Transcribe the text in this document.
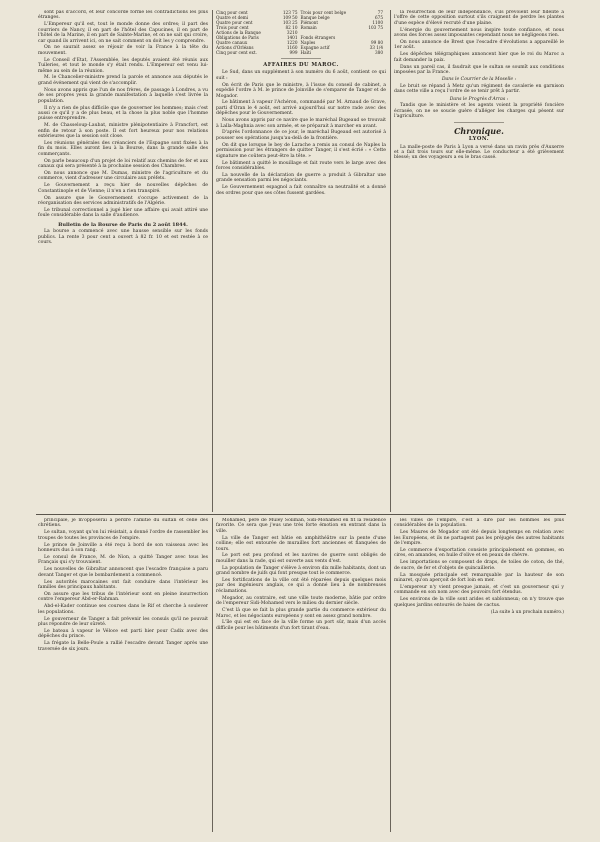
sont pas d'accord, et leur concorde forme les contradictions les plus étranges.

L'Empereur qu'il est, tout le monde donne des ordres; il part des courriers de Nancy, il en part de l'hôtel des Capucines, il en part de l'hôtel de la Marine, il en part de Sainte-Marine, et on ne sait qui croire, car quand ils arrivent ici, on ne sait comment on doit les y comprendre.

On ne saurait assez se réjouir de voir la France à la tête du mouvement.

Le Conseil d'Etat, l'Assemblée, les deputés avaient été réunis aux Tuileries, et tout le monde s'y était rendu. L'Empereur est venu lui-même au sein de la réunion.

M. le Chancelier-ministre prend la parole et annonce aux députés le grand événement qui vient de s'accomplir.

Nous avons appris que l'un de nos frères, de passage à Londres, a vu de ses propres yeux la grande manifestation à laquelle s'est livrée la population.

Il n'y a rien de plus difficile que de gouverner les hommes; mais c'est aussi ce qu'il y a de plus beau, et la chose la plus noble que l'homme puisse entreprendre.

M. de Chasseloup-Laubat, ministre plénipotentiaire à Francfort, est enfin de retour à son poste. Il est fort heureux pour nos relations extérieures que la session soit close.

Les réunions générales des créanciers de l'Espagne sont fixées à la fin du mois. Elles auront lieu à la Bourse, dans la grande salle des commerçants.

On parle beaucoup d'un projet de loi relatif aux chemins de fer et aux canaux qui sera présenté à la prochaine session des Chambres.

On nous annonce que M. Dumas, ministre de l'agriculture et du commerce, vient d'adresser une circulaire aux préfets.

Le Gouvernement a reçu hier de nouvelles dépêches de Constantinople et de Vienne; il n'en a rien transpiré.

On assure que le Gouvernement s'occupe activement de la réorganisation des services administratifs de l'Algérie.

Le tribunal correctionnel a jugé hier une affaire qui avait attiré une foule considérable dans la salle d'audience.

Bulletin de la Bourse de Paris du 2 août 1844.

La bourse a commencé avec une hausse sensible sur les fonds publics. La rente 3 pour cent a ouvert à 82 fr. 10 et est restée à ce cours.

Cinq pour cent	123 75	Trois pour cent belge	77
Quatre et demi	109 50	Banque belge	675
Quatre pour cent	103 25	Piémont	1100
Trois pour cent	82 10	Romain	103 75
Actions de la Banque	3210		
Obligations de Paris	1401	Fonds étrangers	
Quatre canaux	1220	Naples	99 80
Actions d'Orléans	1160	Espagne actif	33 1/4
Cinq pour cent ext.	999	Haïti	380
AFFAIRES DU MAROC.

Le Sud, dans un supplément à son numéro du 6 août, contient ce qui suit :

On écrit de Paris que le ministre, à l'issue du conseil de cabinet, a expédié l'ordre à M. le prince de Joinville de s'emparer de Tanger et de Mogador.

Le bâtiment à vapeur l'Achéron, commandé par M. Arnaud de Grave, parti d'Oran le 4 août, est arrivé aujourd'hui sur notre rade avec des dépêches pour le Gouvernement.

Nous avons appris par ce navire que le maréchal Bugeaud se trouvait à Lalla-Maghnia avec son armée, et se préparait à marcher en avant.

D'après l'ordonnance de ce jour, le maréchal Bugeaud est autorisé à pousser ses opérations jusqu'au-delà de la frontière.

On dit que lorsque le bey de Larache a remis au consul de Naples la permission pour les étrangers de quitter Tanger, il s'est écrié : « Cette signature me coûtera peut-être la tête. »

Le bâtiment a quitté le mouillage et fait route vers le large avec des forces considérables.

La nouvelle de la déclaration de guerre a produit à Gibraltar une grande sensation parmi les négociants.

Le Gouvernement espagnol a fait connaître sa neutralité et a donné des ordres pour que ses côtes fussent gardées.

la résurrection de leur indépendance, s'ils prévoient leur fidélité à l'offre de cette opposition surtout s'ils craignent de perdre les plantes d'une espèce d'élevé recruté d'une plaine.

L'énergie du gouvernement nous inspire toute confiance, et nous avons des forces assez imposantes cependant nous ne négligeons rien.

On nous annonce de Brest que l'escadre d'évolutions a appareillé le 1er août.

Les dépêches télégraphiques annoncent hier que le roi du Maroc a fait demander la paix.

Dans un pareil cas, il faudrait que le sultan se soumît aux conditions imposées par la France.

Dans le Courrier de la Moselle :

Le bruit se répand à Metz qu'un régiment de cavalerie en garnison dans cette ville a reçu l'ordre de se tenir prêt à partir.

Dans le Progrès d'Arras :

Tandis que le ministère et les agents voient la propriété foncière écrasée, on ne se soucie guère d'alléger les charges qui pèsent sur l'agriculture.

Chronique.
LYON.

La malle-poste de Paris à Lyon a versé dans un ravin près d'Auxerre et a fait trois tours sur elle-même. Le conducteur a été grièvement blessé; un des voyageurs a eu le bras cassé.

principale, je m'opposerai à perdre l'amitié du sultan et celle des chrétiens.

Le sultan, voyant qu'on lui résistait, a donné l'ordre de rassembler les troupes de toutes les provinces de l'empire.

Le prince de Joinville a été reçu à bord de son vaisseau avec les honneurs dus à son rang.

Le consul de France, M. de Nion, a quitté Tanger avec tous les Français qui s'y trouvaient.

Les nouvelles de Gibraltar annoncent que l'escadre française a paru devant Tanger et que le bombardement a commencé.

Les autorités marocaines ont fait conduire dans l'intérieur les familles des principaux habitants.

On assure que les tribus de l'intérieur sont en pleine insurrection contre l'empereur Abd-er-Rahman.

Abd-el-Kader continue ses courses dans le Rif et cherche à soulever les populations.

Le gouverneur de Tanger a fait prévenir les consuls qu'il ne pouvait plus répondre de leur sûreté.

Le bateau à vapeur le Véloce est parti hier pour Cadix avec des dépêches du prince.

La frégate la Belle-Poule a rallié l'escadre devant Tanger après une traversée de six jours.

Mohamed, père de Muley Soliman, Sidi-Mohamed en fit la résidence favorite. Ce sera que j'eus une très forte émotion en entrant dans la ville.

La ville de Tanger est bâtie en amphithéâtre sur la pente d'une colline; elle est entourée de murailles fort anciennes et flanquées de tours.

Le port est peu profond et les navires de guerre sont obligés de mouiller dans la rade, qui est ouverte aux vents d'est.

La population de Tanger s'élève à environ dix mille habitants, dont un grand nombre de juifs qui font presque tout le commerce.

Les fortifications de la ville ont été réparées depuis quelques mois par des ingénieurs anglais, ce qui a donné lieu à de nombreuses réclamations.

Mogador, au contraire, est une ville toute moderne, bâtie par ordre de l'empereur Sidi-Mohamed vers le milieu du dernier siècle.

C'est là que se fait la plus grande partie du commerce extérieur du Maroc, et les négociants européens y sont en assez grand nombre.

L'île qui est en face de la ville forme un port sûr, mais d'un accès difficile pour les bâtiments d'un fort tirant d'eau.

les villes de l'empire, c'est à dire par les hommes les plus considérables de la population.

Les Maures de Mogador ont été depuis longtemps en relation avec les Européens, et ils ne partagent pas les préjugés des autres habitants de l'empire.

Le commerce d'exportation consiste principalement en gommes, en cires, en amandes, en huile d'olive et en peaux de chèvre.

Les importations se composent de draps, de toiles de coton, de thé, de sucre, de fer et d'objets de quincaillerie.

La mosquée principale est remarquable par la hauteur de son minaret, qu'on aperçoit de fort loin en mer.

L'empereur n'y vient presque jamais, et c'est un gouverneur qui y commande en son nom avec des pouvoirs fort étendus.

Les environs de la ville sont arides et sablonneux; on n'y trouve que quelques jardins entourés de haies de cactus.

(La suite à un prochain numéro.)
